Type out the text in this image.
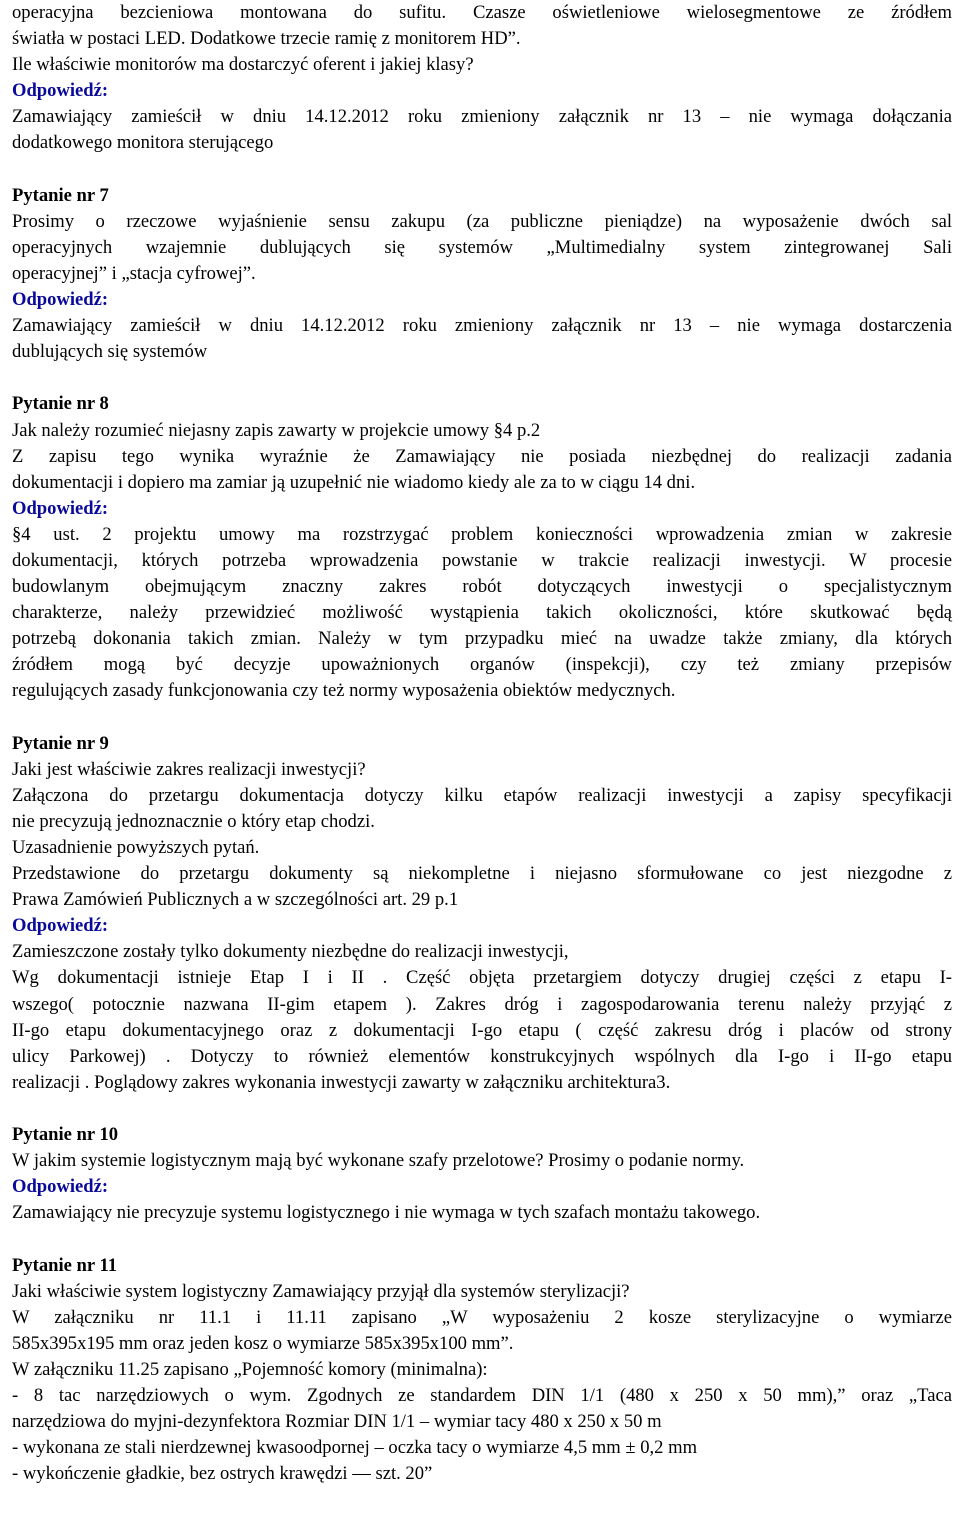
operacyjna bezcieniowa montowana do sufitu. Czasze oświetleniowe wielosegmentowe ze źródłem
światła w postaci LED. Dodatkowe trzecie ramię z monitorem HD”.
Ile właściwie monitorów ma dostarczyć oferent i jakiej klasy?
Odpowiedź:
Zamawiający zamieścił w dniu 14.12.2012 roku zmieniony załącznik nr 13 – nie wymaga dołączania
dodatkowego monitora sterującego
Pytanie nr 7
Prosimy o rzeczowe wyjaśnienie sensu zakupu (za publiczne pieniądze) na wyposażenie dwóch sal
operacyjnych wzajemnie dublujących się systemów „Multimedialny system zintegrowanej Sali
operacyjnej” i „stacja cyfrowej”.
Odpowiedź:
Zamawiający zamieścił w dniu 14.12.2012 roku zmieniony załącznik nr 13 – nie wymaga dostarczenia
dublujących się systemów
Pytanie nr 8
Jak należy rozumieć niejasny zapis zawarty w projekcie umowy §4 p.2
Z zapisu tego wynika wyraźnie że Zamawiający nie posiada niezbędnej do realizacji zadania
dokumentacji i dopiero ma zamiar ją uzupełnić nie wiadomo kiedy ale za to w ciągu 14 dni.
Odpowiedź:
§4 ust. 2 projektu umowy ma rozstrzygać problem konieczności wprowadzenia zmian w zakresie
dokumentacji, których potrzeba wprowadzenia powstanie w trakcie realizacji inwestycji. W procesie
budowlanym obejmującym znaczny zakres robót dotyczących inwestycji o specjalistycznym
charakterze, należy przewidzieć możliwość wystąpienia takich okoliczności, które skutkować będą
potrzebą dokonania takich zmian. Należy w tym przypadku mieć na uwadze także zmiany, dla których
źródłem mogą być decyzje upoważnionych organów (inspekcji), czy też zmiany przepisów
regulujących zasady funkcjonowania czy też normy wyposażenia obiektów medycznych.
Pytanie nr 9
Jaki jest właściwie zakres realizacji inwestycji?
Załączona do przetargu dokumentacja dotyczy kilku etapów realizacji inwestycji a zapisy specyfikacji
nie precyzują jednoznacznie o który etap chodzi.
Uzasadnienie powyższych pytań.
Przedstawione do przetargu dokumenty są niekompletne i niejasno sformułowane co jest niezgodne z
Prawa Zamówień Publicznych a w szczególności art. 29 p.1
Odpowiedź:
Zamieszczone zostały tylko dokumenty niezbędne do realizacji inwestycji,
Wg dokumentacji istnieje Etap I i II . Część objęta przetargiem dotyczy drugiej części z etapu I-
wszego( potocznie nazwana II-gim etapem ). Zakres dróg i zagospodarowania terenu należy przyjąć z
II-go etapu dokumentacyjnego oraz z dokumentacji I-go etapu ( część zakresu dróg i placów od strony
ulicy Parkowej) . Dotyczy to również elementów konstrukcyjnych wspólnych dla I-go i II-go etapu
realizacji . Poglądowy zakres wykonania inwestycji zawarty w załączniku architektura3.
Pytanie nr 10
W jakim systemie logistycznym mają być wykonane szafy przelotowe? Prosimy o podanie normy.
Odpowiedź:
Zamawiający nie precyzuje systemu logistycznego i nie wymaga w tych szafach montażu takowego.
Pytanie nr 11
Jaki właściwie system logistyczny Zamawiający przyjął dla systemów sterylizacji?
W załączniku nr 11.1 i 11.11 zapisano „W wyposażeniu 2 kosze sterylizacyjne o wymiarze
585x395x195 mm oraz jeden kosz o wymiarze 585x395x100 mm”.
W załączniku 11.25 zapisano „Pojemność komory (minimalna):
- 8 tac narzędziowych o wym. Zgodnych ze standardem DIN 1/1 (480 x 250 x 50 mm),” oraz „Taca
narzędziowa do myjni-dezynfektora Rozmiar DIN 1/1 – wymiar tacy 480 x 250 x 50 m
- wykonana ze stali nierdzewnej kwasoodpornej – oczka tacy o wymiarze 4,5 mm ± 0,2 mm
- wykończenie gładkie, bez ostrych krawędzi — szt. 20”
